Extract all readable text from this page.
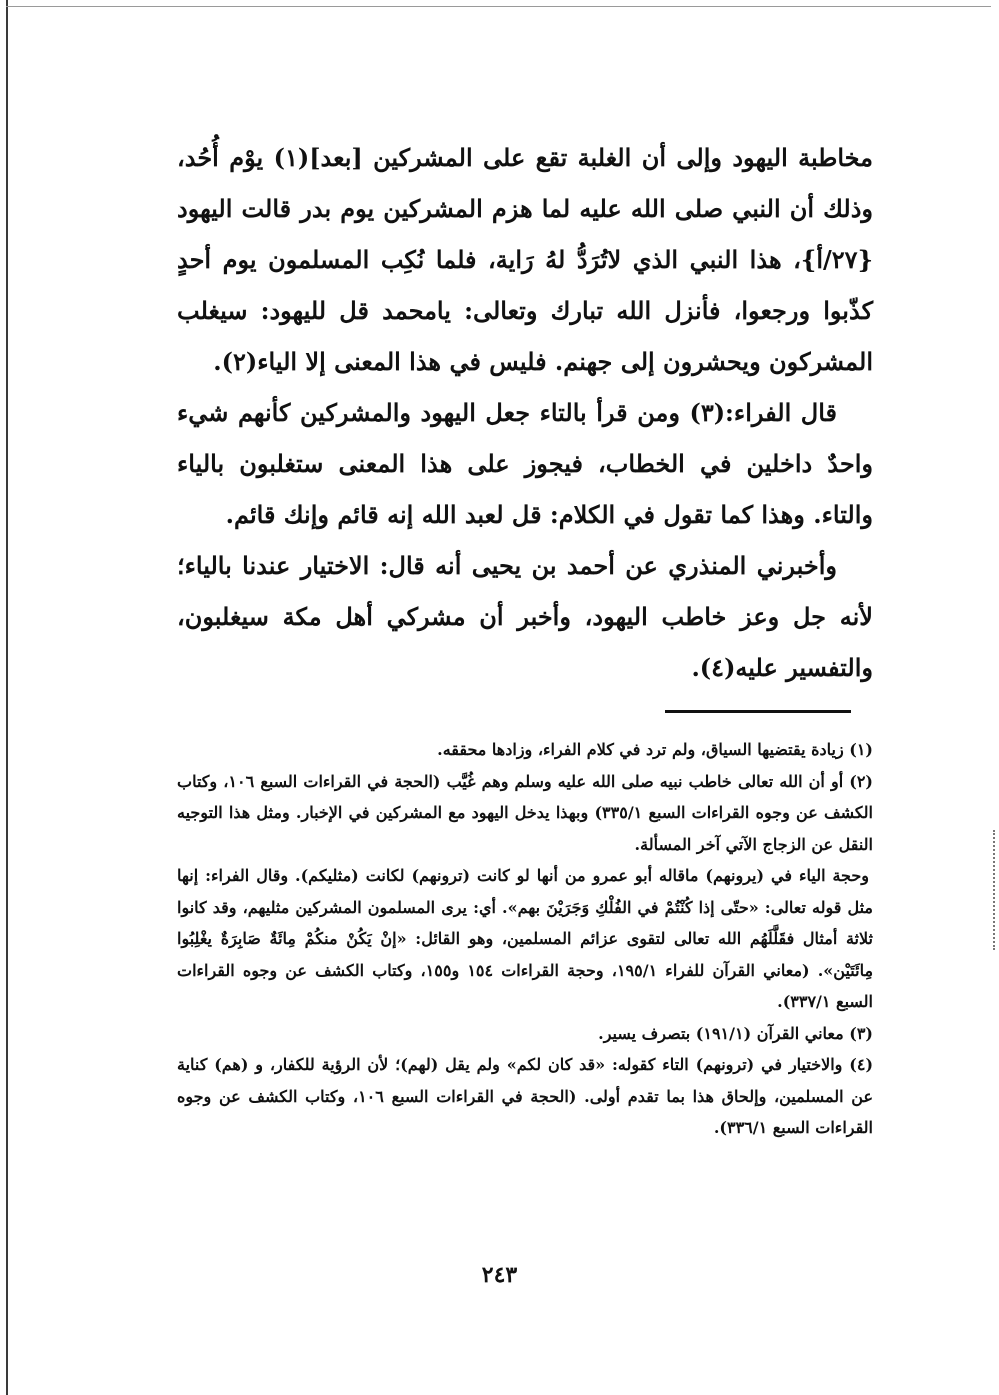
مخاطبة اليهود وإلى أن الغلبة تقع على المشركين [بعد](١) يوْم أُحُد، وذلك أن النبي صلى الله عليه لما هزم المشركين يوم بدر قالت اليهود {٢٧/أ}، هذا النبي الذي لاتُرَدُّ لهُ رَاية، فلما نُكِب المسلمون يوم أحدٍ كذّبوا ورجعوا، فأنزل الله تبارك وتعالى: يامحمد قل لليهود: سيغلب المشركون ويحشرون إلى جهنم. فليس في هذا المعنى إلا الياء(٢).

قال الفراء:(٣) ومن قرأ بالتاء جعل اليهود والمشركين كأنهم شيء واحدٌ داخلين في الخطاب، فيجوز على هذا المعنى ستغلبون بالياء والتاء. وهذا كما تقول في الكلام: قل لعبد الله إنه قائم وإنك قائم.

وأخبرني المنذري عن أحمد بن يحيى أنه قال: الاختيار عندنا بالياء؛ لأنه جل وعز خاطب اليهود، وأخبر أن مشركي أهل مكة سيغلبون، والتفسير عليه(٤).

(١) زيادة يقتضيها السياق، ولم ترد في كلام الفراء، وزادها محققه.

(٢) أو أن الله تعالى خاطب نبيه صلى الله عليه وسلم وهم غُيَّب (الحجة في القراءات السبع ١٠٦، وكتاب الكشف عن وجوه القراءات السبع ٣٣٥/١) وبهذا يدخل اليهود مع المشركين في الإخبار. ومثل هذا التوجيه النقل عن الزجاج الآتي آخر المسألة.

وحجة الياء في (يرونهم) ماقاله أبو عمرو من أنها لو كانت (ترونهم) لكانت (مثليكم). وقال الفراء: إنها مثل قوله تعالى: «حتّى إذا كُنْتُمْ في الفُلْكِ وَجَرَيْنَ بهم». أي: يرى المسلمون المشركين مثليهم، وقد كانوا ثلاثة أمثال فقَلَّلَهُم الله تعالى لتقوى عزائم المسلمين، وهو القائل: «إنْ يَكُنْ منكُمْ مِائَةٌ صَابِرَةٌ يغْلِبُوا مِائَتَيْن». (معاني القرآن للفراء ١٩٥/١، وحجة القراءات ١٥٤ و١٥٥، وكتاب الكشف عن وجوه القراءات السبع ٣٣٧/١).

(٣) معاني القرآن (١٩١/١) بتصرف يسير.

(٤) والاختيار في (ترونهم) التاء كقوله: «قد كان لكم» ولم يقل (لهم)؛ لأن الرؤية للكفار، و (هم) كناية عن المسلمين، وإلحاق هذا بما تقدم أولى. (الحجة في القراءات السبع ١٠٦، وكتاب الكشف عن وجوه القراءات السبع ٣٣٦/١).

٢٤٣
